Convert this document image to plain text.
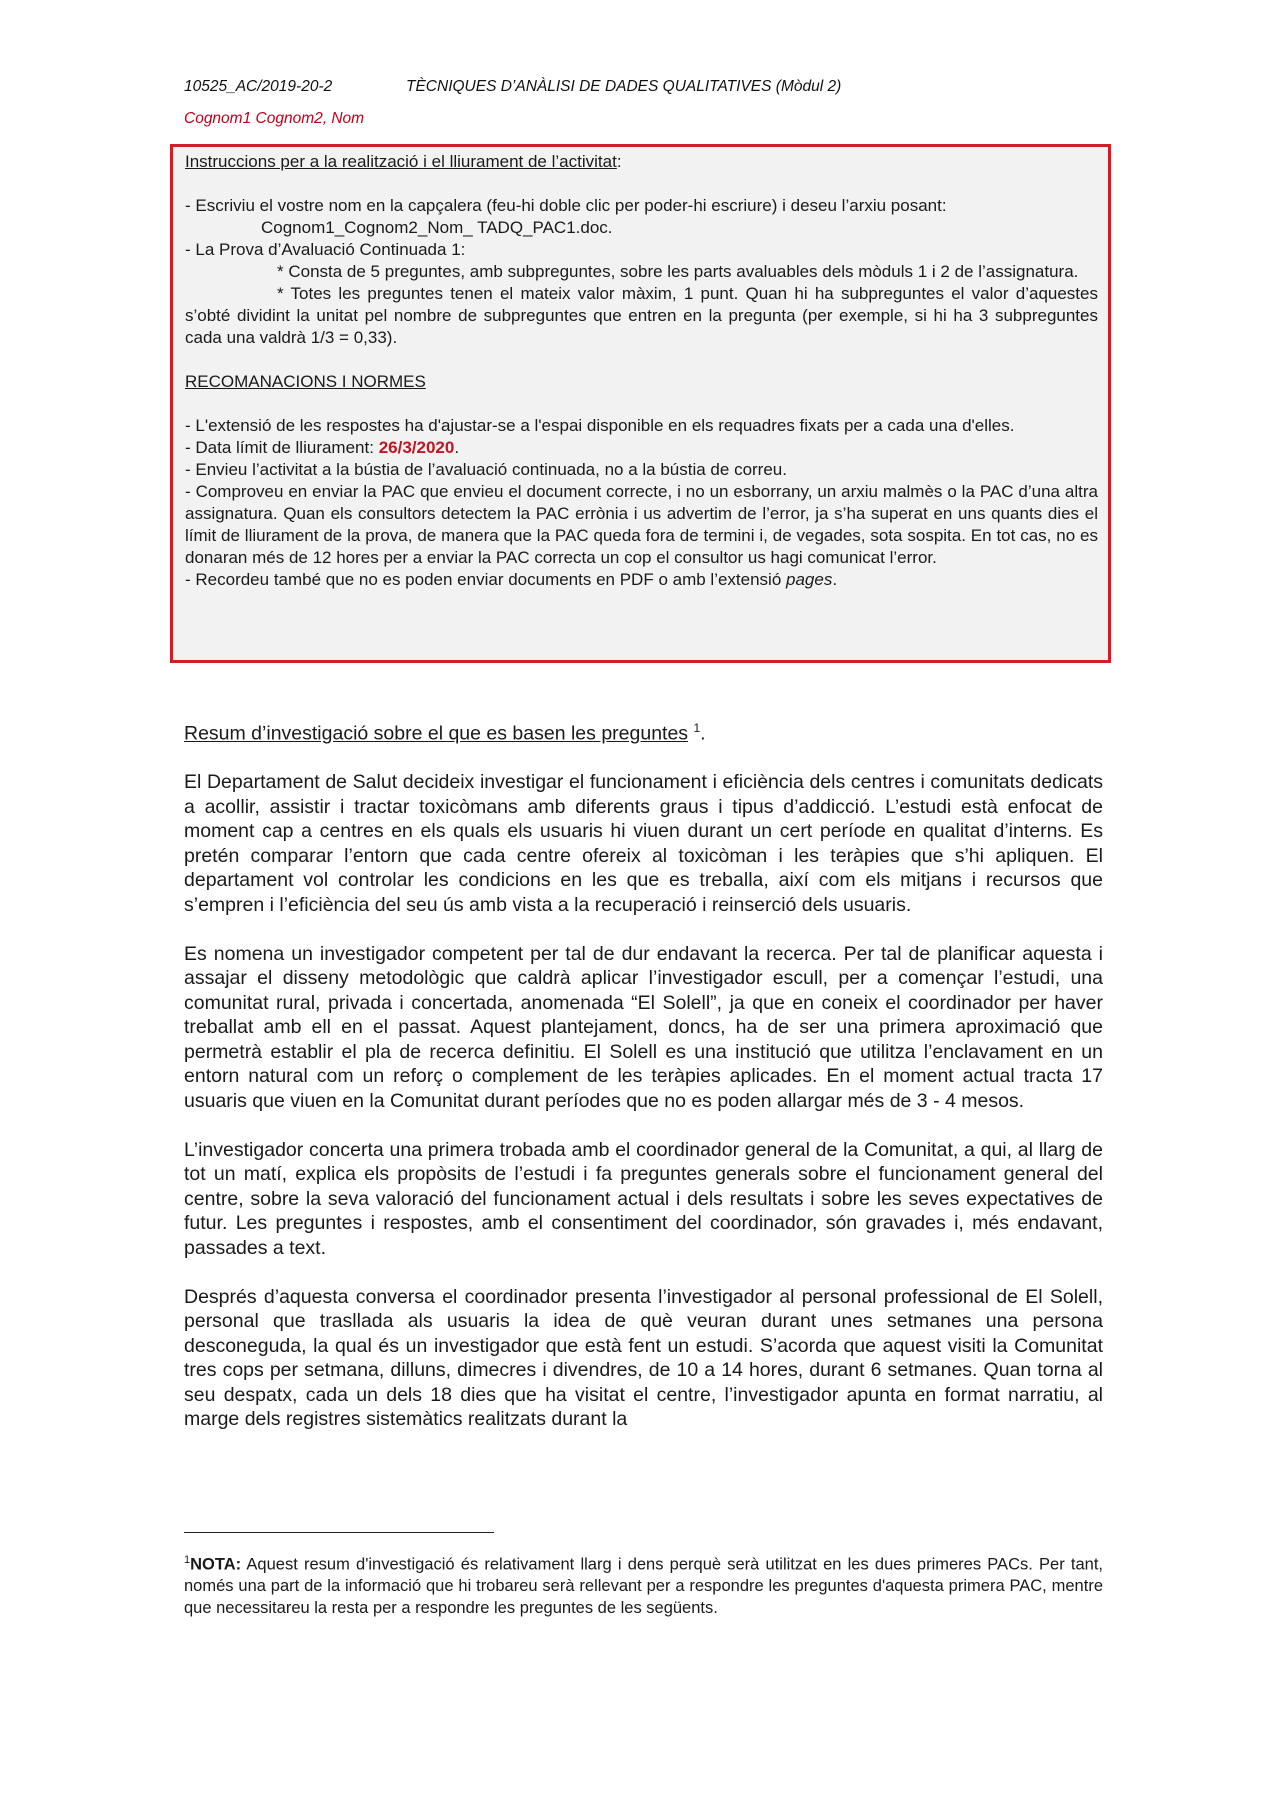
10525_AC/2019-20-2	TÈCNIQUES D’ANÀLISI DE DADES QUALITATIVES (Mòdul 2)
Cognom1 Cognom2, Nom

Instruccions per a la realització i el lliurament de l’activitat:

- Escriviu el vostre nom en la capçalera (feu-hi doble clic per poder-hi escriure) i deseu l’arxiu posant:

Cognom1_Cognom2_Nom_ TADQ_PAC1.doc.

- La Prova d’Avaluació Continuada 1:

* Consta de 5 preguntes, amb subpreguntes, sobre les parts avaluables dels mòduls 1 i 2 de l’assignatura.

* Totes les preguntes tenen el mateix valor màxim, 1 punt. Quan hi ha subpreguntes el valor d’aquestes s’obté dividint la unitat pel nombre de subpreguntes que entren en la pregunta (per exemple, si hi ha 3 subpreguntes cada una valdrà 1/3 = 0,33).

RECOMANACIONS I NORMES

- L'extensió de les respostes ha d'ajustar-se a l'espai disponible en els requadres fixats per a cada una d'elles.

- Data límit de lliurament: 26/3/2020.

- Envieu l’activitat a la bústia de l’avaluació continuada, no a la bústia de correu.

- Comproveu en enviar la PAC que envieu el document correcte, i no un esborrany, un arxiu malmès o la PAC d’una altra assignatura. Quan els consultors detectem la PAC errònia i us advertim de l’error, ja s’ha superat en uns quants dies el límit de lliurament de la prova, de manera que la PAC queda fora de termini i, de vegades, sota sospita. En tot cas, no es donaran més de 12 hores per a enviar la PAC correcta un cop el consultor us hagi comunicat l’error.

- Recordeu també que no es poden enviar documents en PDF o amb l’extensió pages.

Resum d’investigació sobre el que es basen les preguntes $^1$.

El Departament de Salut decideix investigar el funcionament i eficiència dels centres i comunitats dedicats a acollir, assistir i tractar toxicòmans amb diferents graus i tipus d’addicció. L’estudi està enfocat de moment cap a centres en els quals els usuaris hi viuen durant un cert període en qualitat d’interns. Es pretén comparar l’entorn que cada centre ofereix al toxicòman i les teràpies que s’hi apliquen. El departament vol controlar les condicions en les que es treballa, així com els mitjans i recursos que s’empren i l’eficiència del seu ús amb vista a la recuperació i reinserció dels usuaris.

Es nomena un investigador competent per tal de dur endavant la recerca. Per tal de planificar aquesta i assajar el disseny metodològic que caldrà aplicar l’investigador escull, per a començar l’estudi, una comunitat rural, privada i concertada, anomenada “El Solell”, ja que en coneix el coordinador per haver treballat amb ell en el passat. Aquest plantejament, doncs, ha de ser una primera aproximació que permetrà establir el pla de recerca definitiu. El Solell es una institució que utilitza l’enclavament en un entorn natural com un reforç o complement de les teràpies aplicades. En el moment actual tracta 17 usuaris que viuen en la Comunitat durant períodes que no es poden allargar més de 3 - 4 mesos.

L’investigador concerta una primera trobada amb el coordinador general de la Comunitat, a qui, al llarg de tot un matí, explica els propòsits de l’estudi i fa preguntes generals sobre el funcionament general del centre, sobre la seva valoració del funcionament actual i dels resultats i sobre les seves expectatives de futur. Les preguntes i respostes, amb el consentiment del coordinador, són gravades i, més endavant, passades a text.

Després d’aquesta conversa el coordinador presenta l’investigador al personal professional de El Solell, personal que trasllada als usuaris la idea de què veuran durant unes setmanes una persona desconeguda, la qual és un investigador que està fent un estudi. S’acorda que aquest visiti la Comunitat tres cops per setmana, dilluns, dimecres i divendres, de 10 a 14 hores, durant 6 setmanes. Quan torna al seu despatx, cada un dels 18 dies que ha visitat el centre, l’investigador apunta en format narratiu, al marge dels registres sistemàtics realitzats durant la

$^1$NOTA: Aquest resum d'investigació és relativament llarg i dens perquè serà utilitzat en les dues primeres PACs. Per tant, només una part de la informació que hi trobareu serà rellevant per a respondre les preguntes d'aquesta primera PAC, mentre que necessitareu la resta per a respondre les preguntes de les següents.
